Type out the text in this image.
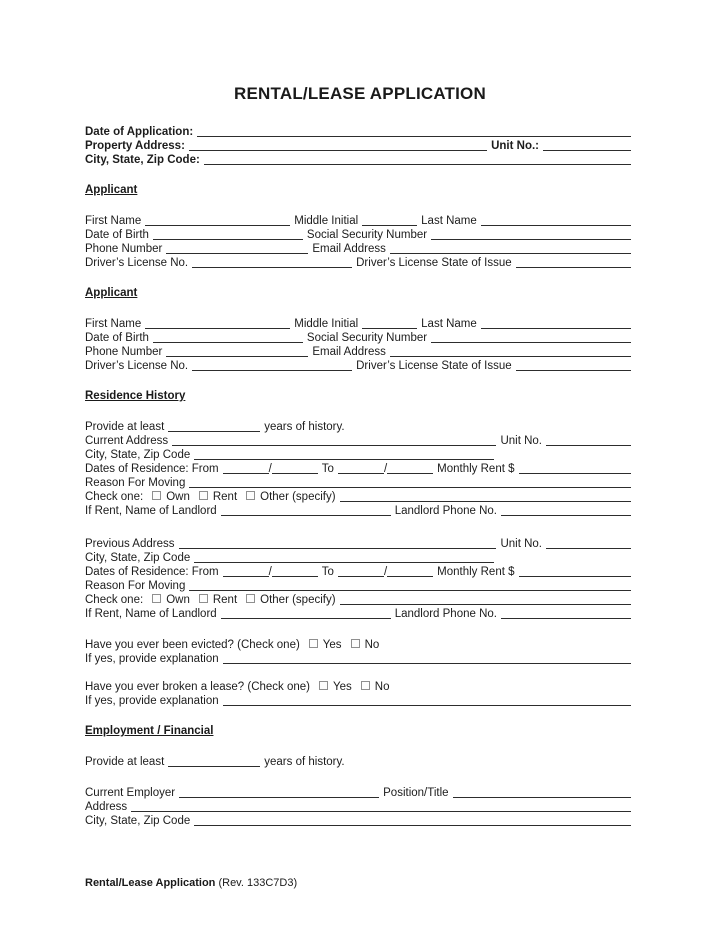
RENTAL/LEASE APPLICATION
Date of Application:
Property Address:	Unit No.:
City, State, Zip Code:
Applicant
First Name	Middle Initial	Last Name
Date of Birth	Social Security Number
Phone Number	Email Address
Driver’s License No.	Driver’s License State of Issue
Applicant
First Name	Middle Initial	Last Name
Date of Birth	Social Security Number
Phone Number	Email Address
Driver’s License No.	Driver’s License State of Issue
Residence History
Provide at least	years of history.
Current Address	Unit No.
City, State, Zip Code
Dates of Residence: From	/	To	/	Monthly Rent $
Reason For Moving
Check one: Own Rent Other (specify)
If Rent, Name of Landlord	Landlord Phone No.
Previous Address	Unit No.
City, State, Zip Code
Dates of Residence: From	/	To	/	Monthly Rent $
Reason For Moving
Check one: Own Rent Other (specify)
If Rent, Name of Landlord	Landlord Phone No.
Have you ever been evicted? (Check one) Yes No
If yes, provide explanation
Have you ever broken a lease? (Check one) Yes No
If yes, provide explanation
Employment / Financial
Provide at least	years of history.
Current Employer	Position/Title
Address
City, State, Zip Code
Rental/Lease Application (Rev. 133C7D3)
